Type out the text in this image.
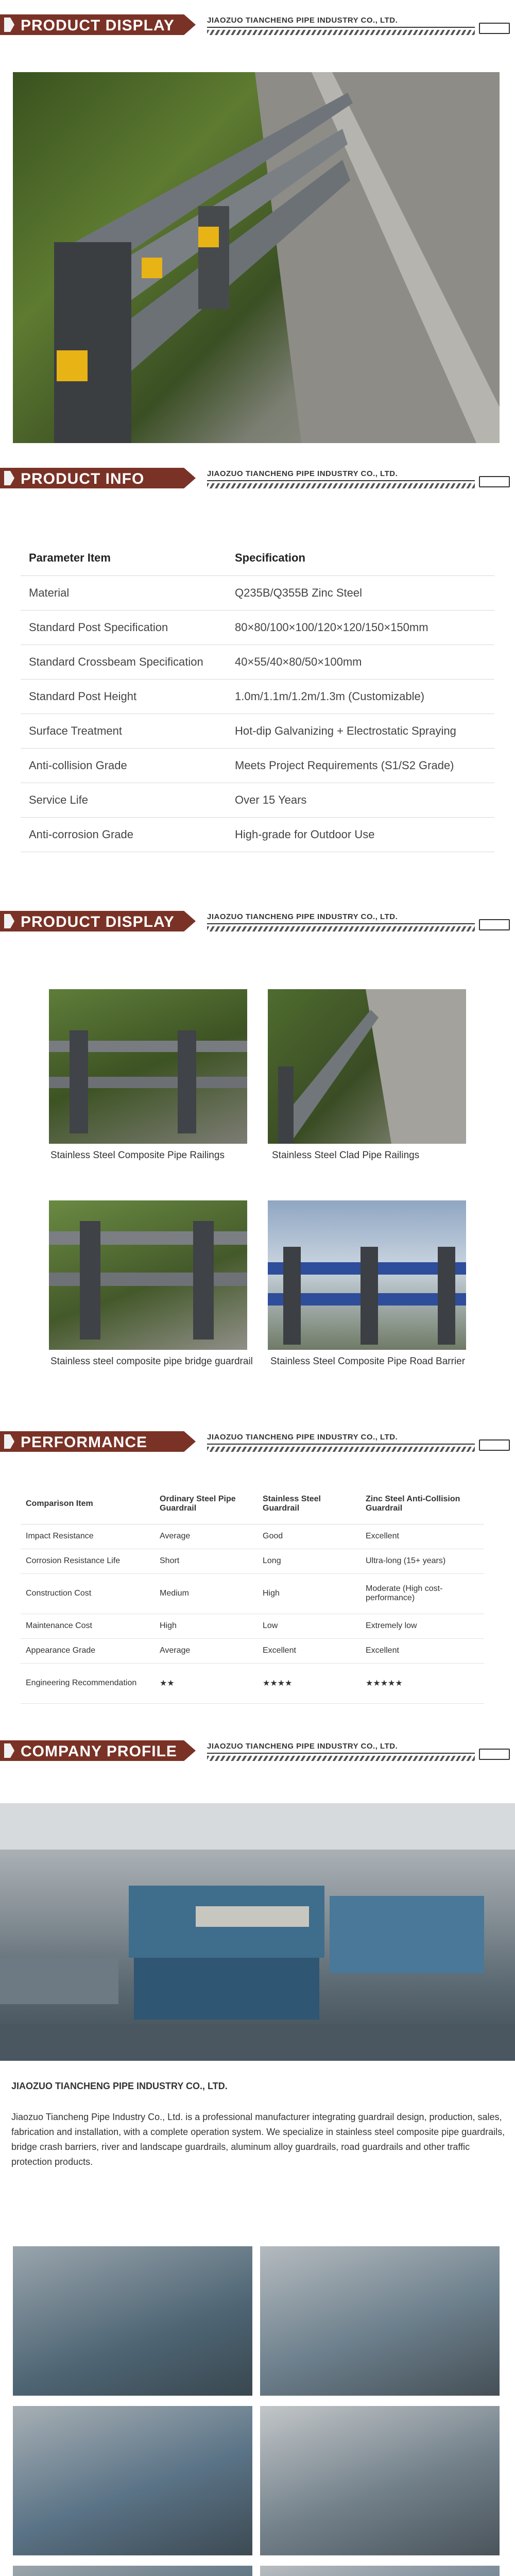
PRODUCT DISPLAY	JIAOZUO TIANCHENG PIPE INDUSTRY CO., LTD.
PRODUCT INFO	JIAOZUO TIANCHENG PIPE INDUSTRY CO., LTD.
Parameter Item	Specification
Material	Q235B/Q355B Zinc Steel
Standard Post Specification	80×80/100×100/120×120/150×150mm
Standard Crossbeam Specification	40×55/40×80/50×100mm
Standard Post Height	1.0m/1.1m/1.2m/1.3m (Customizable)
Surface Treatment	Hot-dip Galvanizing + Electrostatic Spraying
Anti-collision Grade	Meets Project Requirements (S1/S2 Grade)
Service Life	Over 15 Years
Anti-corrosion Grade	High-grade for Outdoor Use
PRODUCT DISPLAY	JIAOZUO TIANCHENG PIPE INDUSTRY CO., LTD.
Stainless Steel Composite Pipe Railings	Stainless Steel Clad Pipe Railings
Stainless steel composite pipe bridge guardrail Stainless Steel Composite Pipe Road Barrier
PERFORMANCE	JIAOZUO TIANCHENG PIPE INDUSTRY CO., LTD.
Comparison Item	Ordinary Steel Pipe Guardrail	Stainless Steel Guardrail	Zinc Steel Anti-Collision Guardrail
Impact Resistance	Average	Good	Excellent
Corrosion Resistance Life	Short	Long	Ultra-long (15+ years)
Construction Cost	Medium	High	Moderate (High cost-performance)
Maintenance Cost	High	Low	Extremely low
Appearance Grade	Average	Excellent	Excellent
Engineering Recommendation	★★	★★★★	★★★★★
COMPANY PROFILE	JIAOZUO TIANCHENG PIPE INDUSTRY CO., LTD.
JIAOZUO TIANCHENG PIPE INDUSTRY CO., LTD.
Jiaozuo Tiancheng Pipe Industry Co., Ltd. is a professional manufacturer integrating guardrail design, production, sales, fabrication and installation, with a complete operation system. We specialize in stainless steel composite pipe guardrails, bridge crash barriers, river and landscape guardrails, aluminum alloy guardrails, road guardrails and other traffic protection products.
